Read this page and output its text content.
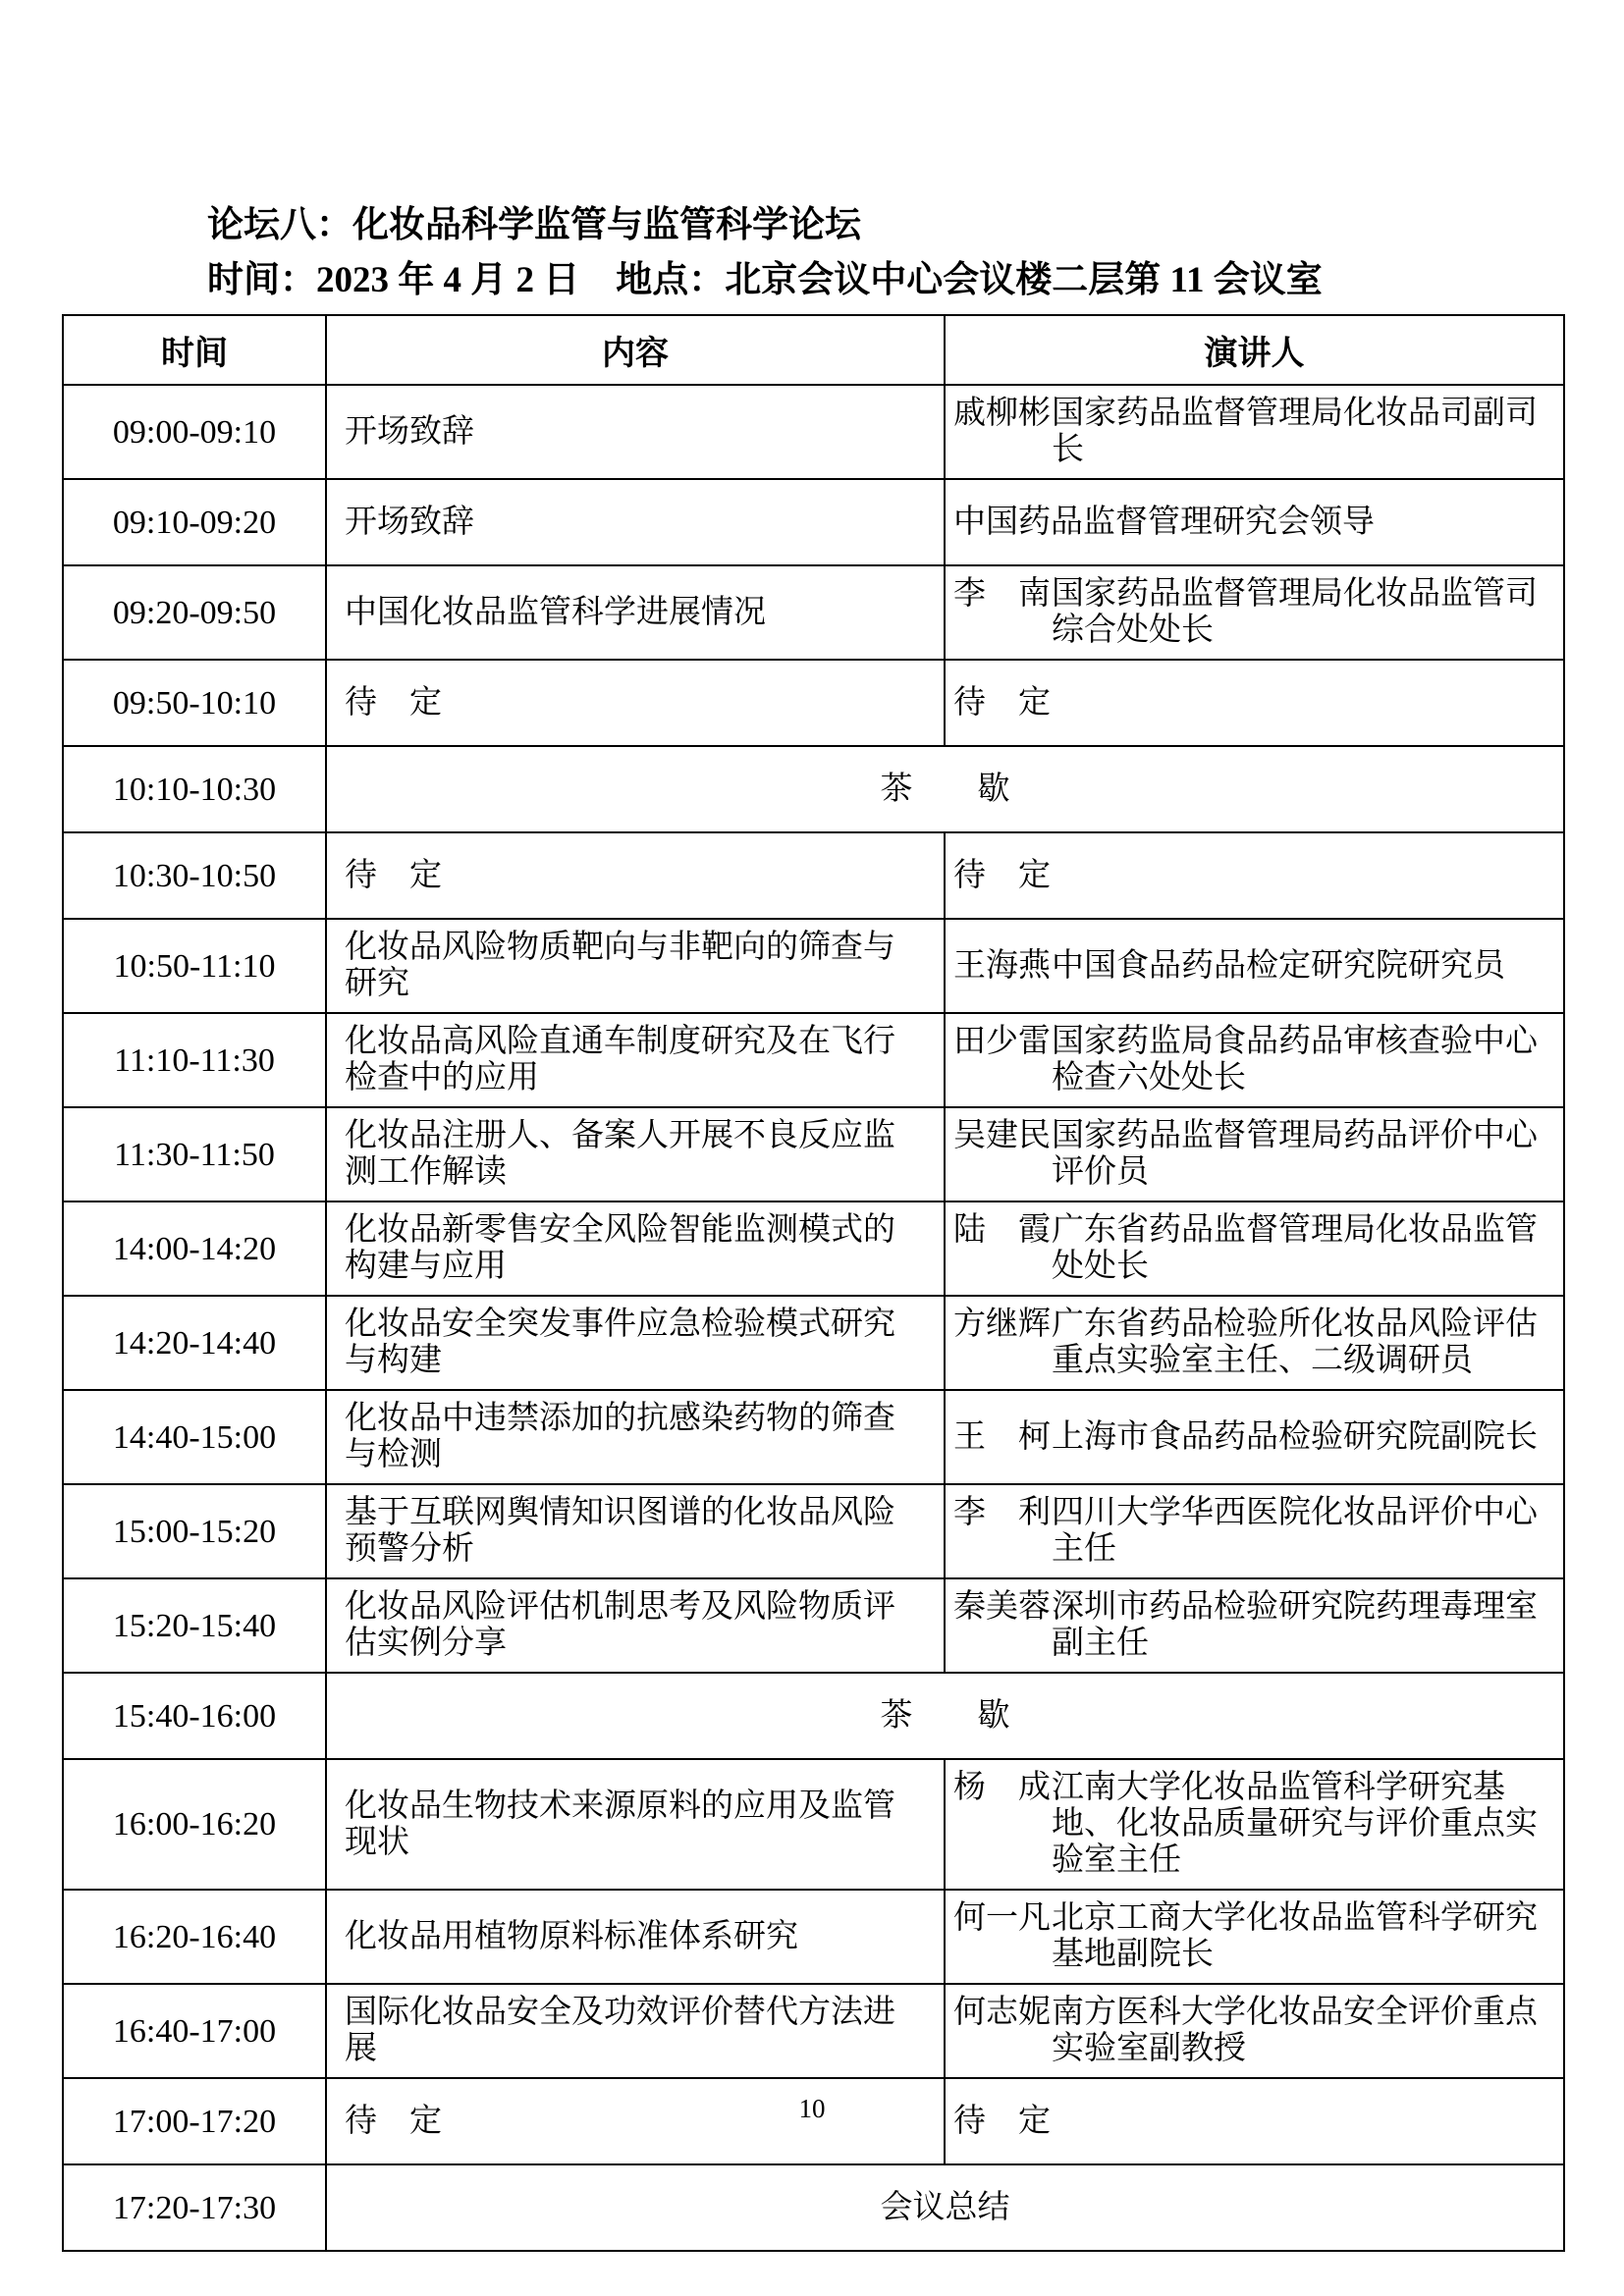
论坛八：化妆品科学监管与监管科学论坛
时间：2023 年 4 月 2 日　地点：北京会议中心会议楼二层第 11 会议室
时间	内容	演讲人
09:00-09:10	开场致辞	戚柳彬 国家药品监督管理局化妆品司副司长

09:10-09:20	开场致辞	中国药品监督管理研究会领导

09:20-09:50	中国化妆品监管科学进展情况	李　南 国家药品监督管理局化妆品监管司综合处处长

09:50-10:10	待　定	待　定

10:10-10:30	茶　　歇	
10:30-10:50	待　定	待　定

10:50-11:10	化妆品风险物质靶向与非靶向的筛查与研究	王海燕 中国食品药品检定研究院研究员

11:10-11:30	化妆品高风险直通车制度研究及在飞行检查中的应用	田少雷 国家药监局食品药品审核查验中心检查六处处长

11:30-11:50	化妆品注册人、备案人开展不良反应监测工作解读	吴建民 国家药品监督管理局药品评价中心评价员

14:00-14:20	化妆品新零售安全风险智能监测模式的构建与应用	陆　霞 广东省药品监督管理局化妆品监管处处长

14:20-14:40	化妆品安全突发事件应急检验模式研究与构建	方继辉 广东省药品检验所化妆品风险评估重点实验室主任、二级调研员

14:40-15:00	化妆品中违禁添加的抗感染药物的筛查与检测	王　柯 上海市食品药品检验研究院副院长

15:00-15:20	基于互联网舆情知识图谱的化妆品风险预警分析	李　利 四川大学华西医院化妆品评价中心主任

15:20-15:40	化妆品风险评估机制思考及风险物质评估实例分享	秦美蓉 深圳市药品检验研究院药理毒理室副主任

15:40-16:00	茶　　歇	
16:00-16:20	化妆品生物技术来源原料的应用及监管现状	杨　成 江南大学化妆品监管科学研究基地、化妆品质量研究与评价重点实验室主任

16:20-16:40	化妆品用植物原料标准体系研究	何一凡 北京工商大学化妆品监管科学研究基地副院长

16:40-17:00	国际化妆品安全及功效评价替代方法进展	何志妮 南方医科大学化妆品安全评价重点实验室副教授

17:00-17:20	待　定	待　定

17:20-17:30	会议总结	
10
